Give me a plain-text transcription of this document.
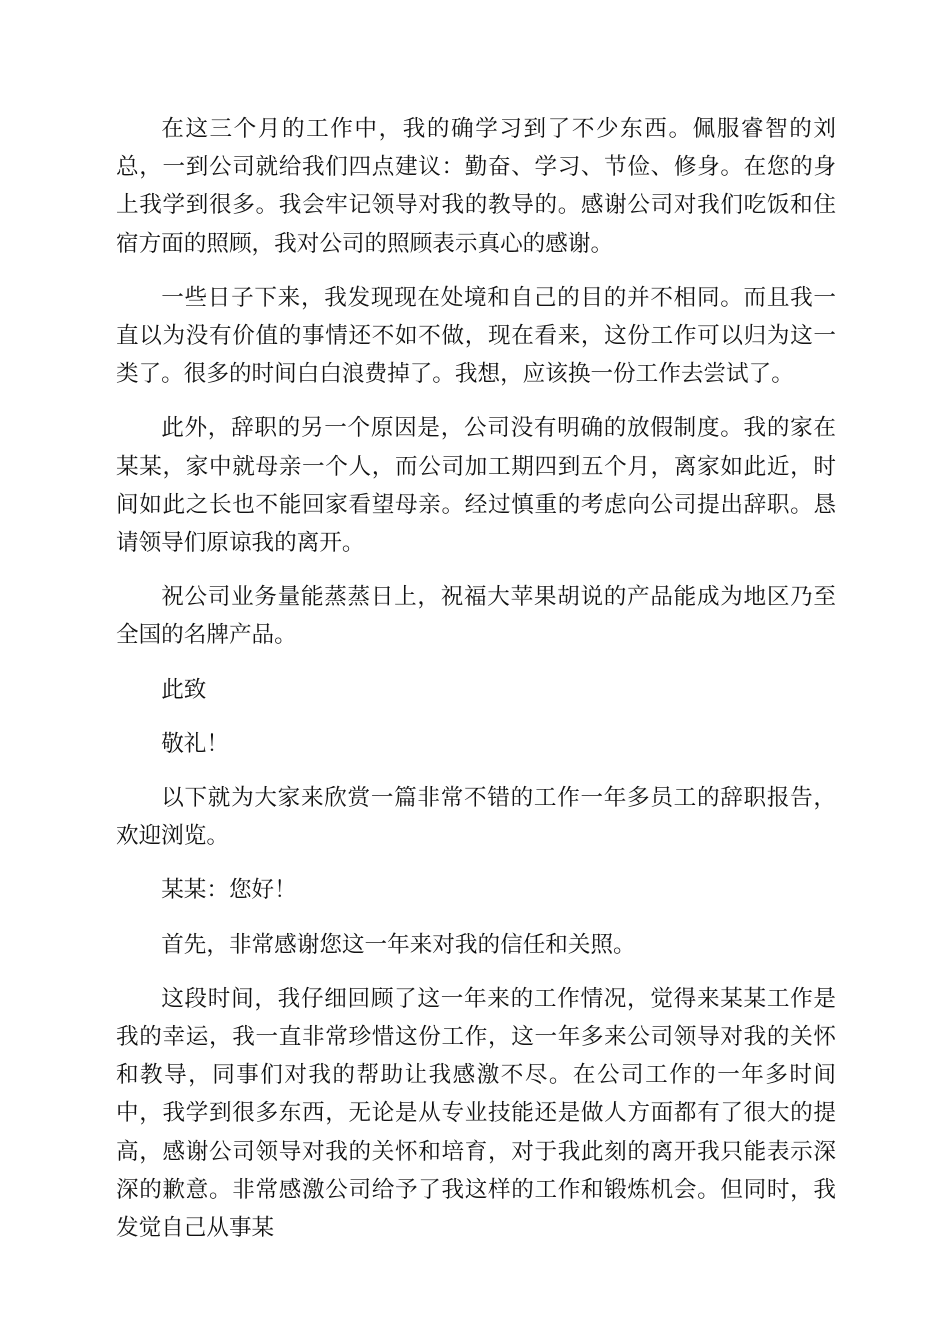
在这三个月的工作中，我的确学习到了不少东西。佩服睿智的刘总，一到公司就给我们四点建议：勤奋、学习、节俭、修身。在您的身上我学到很多。我会牢记领导对我的教导的。感谢公司对我们吃饭和住宿方面的照顾，我对公司的照顾表示真心的感谢。

一些日子下来，我发现现在处境和自己的目的并不相同。而且我一直以为没有价值的事情还不如不做，现在看来，这份工作可以归为这一类了。很多的时间白白浪费掉了。我想，应该换一份工作去尝试了。

此外，辞职的另一个原因是，公司没有明确的放假制度。我的家在某某，家中就母亲一个人，而公司加工期四到五个月，离家如此近，时间如此之长也不能回家看望母亲。经过慎重的考虑向公司提出辞职。恳请领导们原谅我的离开。

祝公司业务量能蒸蒸日上，祝福大苹果胡说的产品能成为地区乃至全国的名牌产品。

此致

敬礼！

以下就为大家来欣赏一篇非常不错的工作一年多员工的辞职报告，欢迎浏览。

某某：您好！

首先，非常感谢您这一年来对我的信任和关照。

这段时间，我仔细回顾了这一年来的工作情况，觉得来某某工作是我的幸运，我一直非常珍惜这份工作，这一年多来公司领导对我的关怀和教导，同事们对我的帮助让我感激不尽。在公司工作的一年多时间中，我学到很多东西，无论是从专业技能还是做人方面都有了很大的提高，感谢公司领导对我的关怀和培育，对于我此刻的离开我只能表示深深的歉意。非常感激公司给予了我这样的工作和锻炼机会。但同时，我发觉自己从事某
